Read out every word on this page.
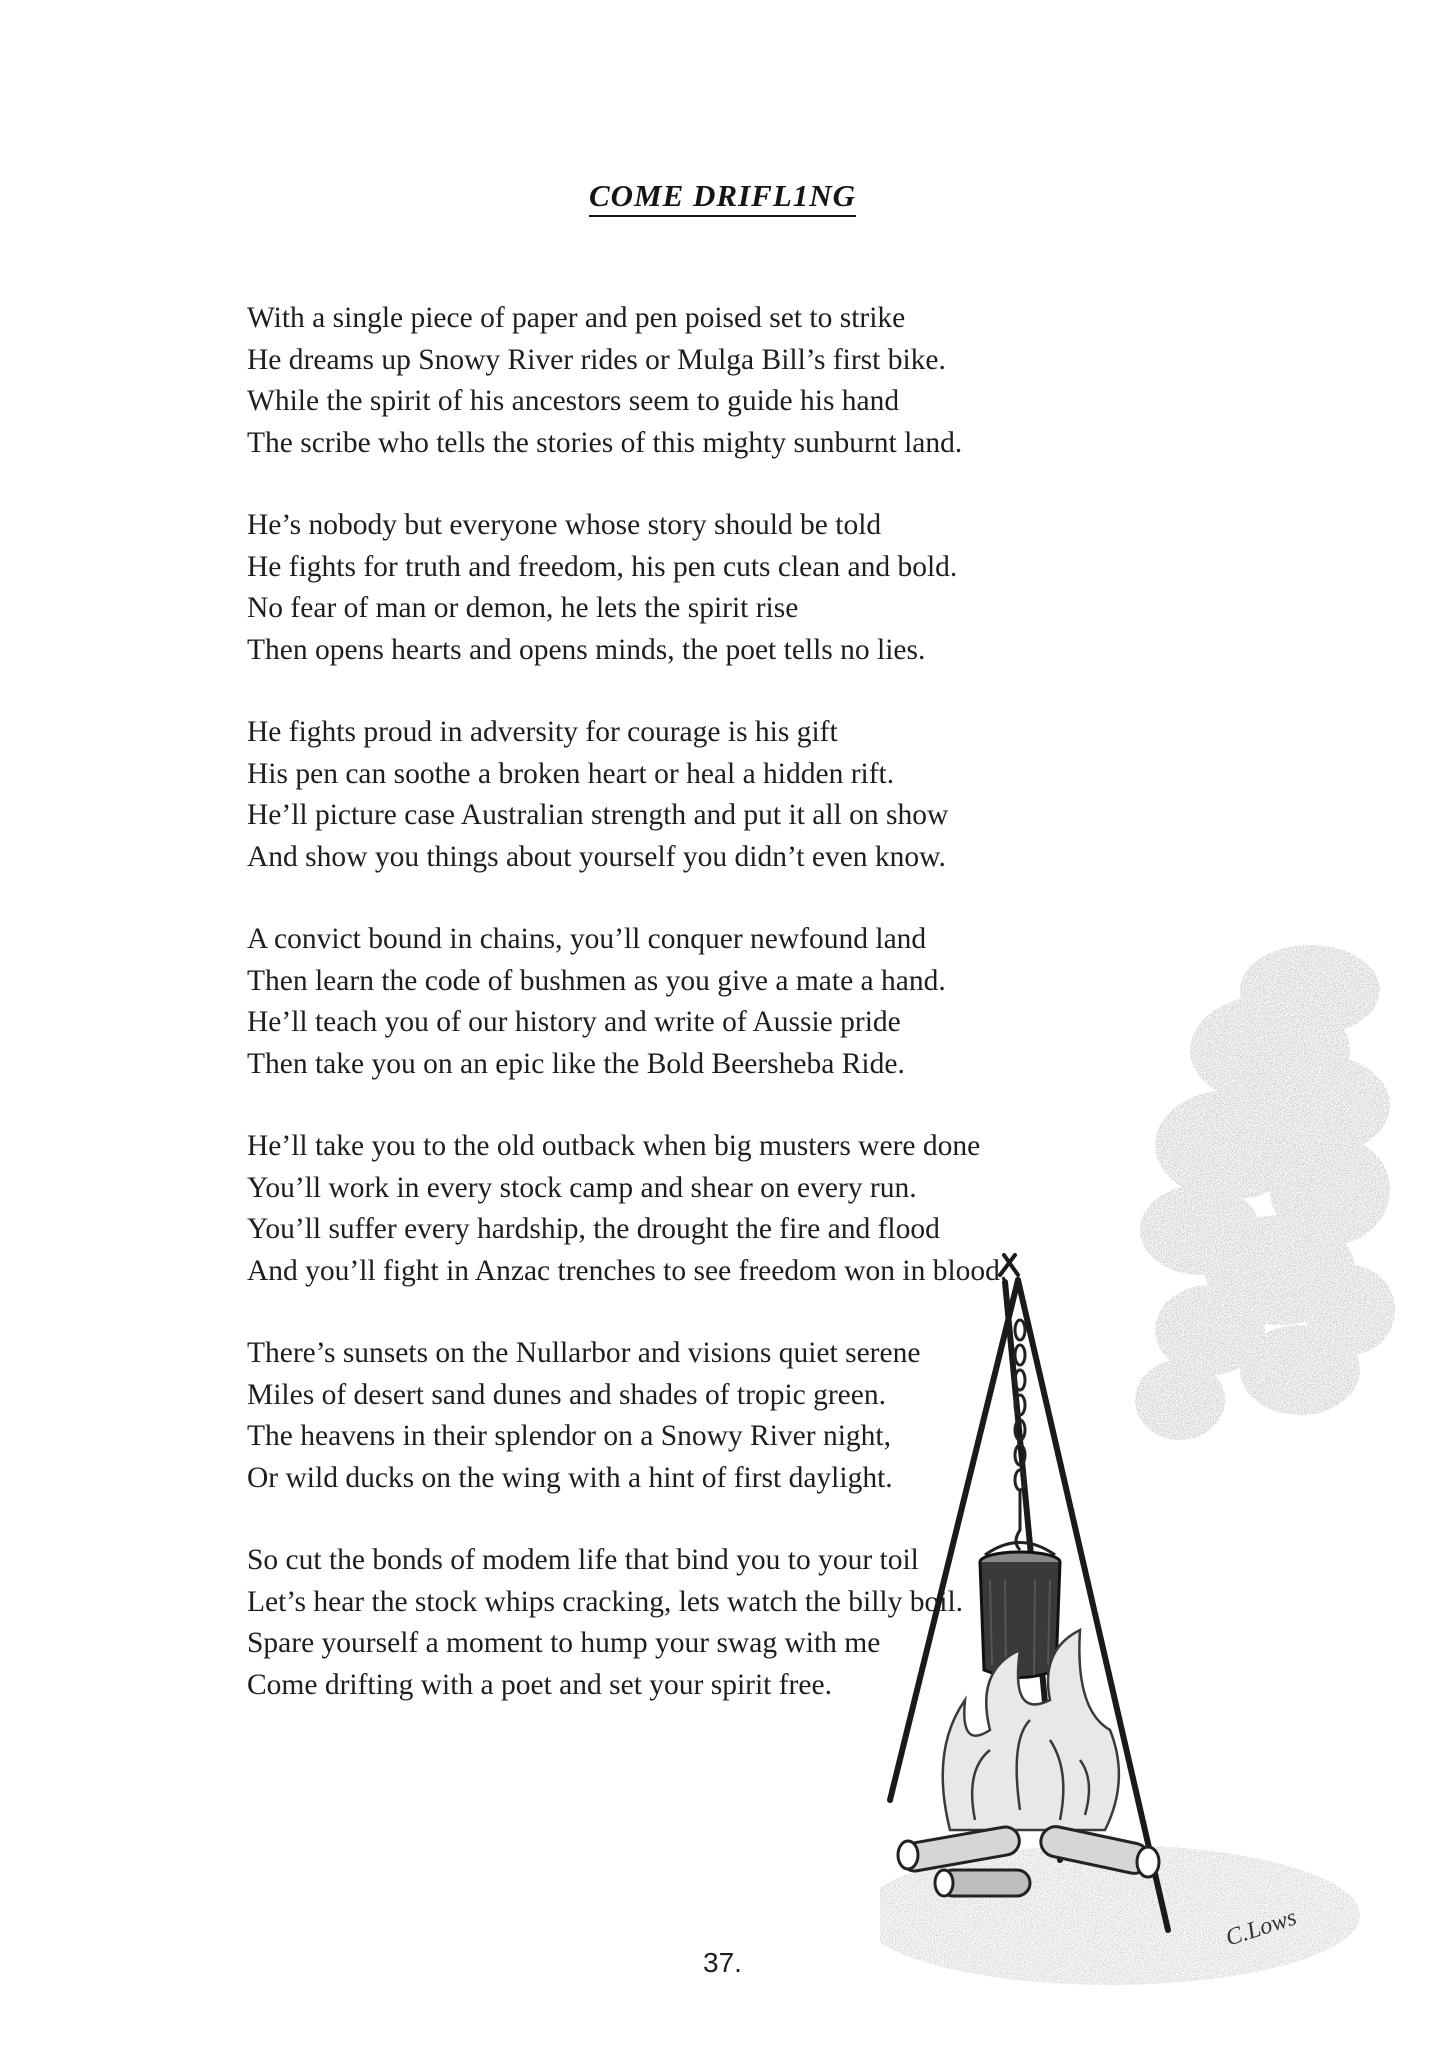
COME DRIFL1NG
With a single piece of paper and pen poised set to strike
He dreams up Snowy River rides or Mulga Bill’s first bike.
While the spirit of his ancestors seem to guide his hand
The scribe who tells the stories of this mighty sunburnt land.
He’s nobody but everyone whose story should be told
He fights for truth and freedom, his pen cuts clean and bold.
No fear of man or demon, he lets the spirit rise
Then opens hearts and opens minds, the poet tells no lies.
He fights proud in adversity for courage is his gift
His pen can soothe a broken heart or heal a hidden rift.
He’ll picture case Australian strength and put it all on show
And show you things about yourself you didn’t even know.
A convict bound in chains, you’ll conquer newfound land
Then learn the code of bushmen as you give a mate a hand.
He’ll teach you of our history and write of Aussie pride
Then take you on an epic like the Bold Beersheba Ride.
He’ll take you to the old outback when big musters were done
You’ll work in every stock camp and shear on every run.
You’ll suffer every hardship, the drought the fire and flood
And you’ll fight in Anzac trenches to see freedom won in blood.
There’s sunsets on the Nullarbor and visions quiet serene
Miles of desert sand dunes and shades of tropic green.
The heavens in their splendor on a Snowy River night,
Or wild ducks on the wing with a hint of first daylight.
So cut the bonds of modem life that bind you to your toil
Let’s hear the stock whips cracking, lets watch the billy boil.
Spare yourself a moment to hump your swag with me
Come drifting with a poet and set your spirit free.
C.Lows
37.
